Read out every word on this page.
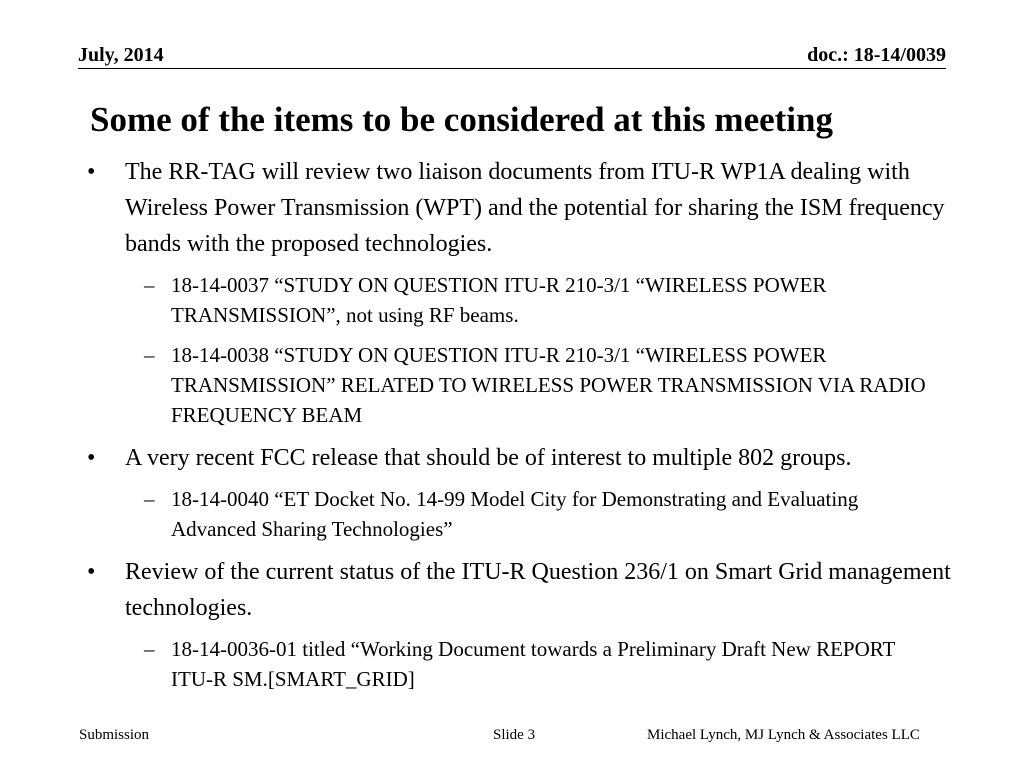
July, 2014	doc.: 18-14/0039
Some of the items to be considered at this meeting
• The RR-TAG will review two liaison documents from ITU-R WP1A dealing with Wireless Power Transmission (WPT) and the potential for sharing the ISM frequency bands with the proposed technologies.
– 18-14-0037 “STUDY ON QUESTION ITU-R 210-3/1 “WIRELESS POWER TRANSMISSION”, not using RF beams.
– 18-14-0038 “STUDY ON QUESTION ITU-R 210-3/1 “WIRELESS POWER TRANSMISSION” RELATED TO WIRELESS POWER TRANSMISSION VIA RADIO FREQUENCY BEAM
• A very recent FCC release that should be of interest to multiple 802 groups.
– 18-14-0040 “ET Docket No. 14-99 Model City for Demonstrating and Evaluating Advanced Sharing Technologies”
• Review of the current status of the ITU-R Question 236/1 on Smart Grid management technologies.
– 18-14-0036-01 titled “Working Document towards a Preliminary Draft New REPORT ITU-R SM.[SMART_GRID]
Submission	Slide 3	Michael Lynch, MJ Lynch & Associates LLC
